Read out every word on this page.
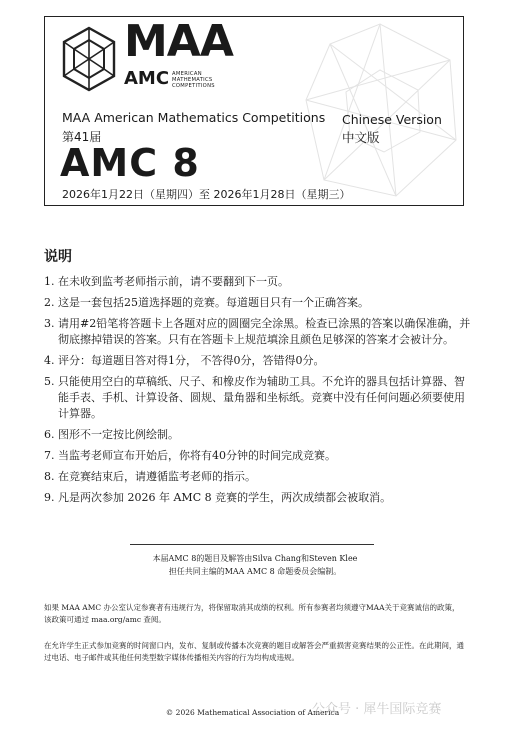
MAA
AMC AMERICAN
MATHEMATICS
COMPETITIONS
MAA American Mathematics Competitions
第41届
Chinese Version
中文版
AMC 8
2026年1月22日（星期四）至 2026年1月28日（星期三）
说明
1. 在未收到监考老师指示前，请不要翻到下一页。
2. 这是一套包括25道选择题的竞赛。每道题目只有一个正确答案。
3. 请用#2铅笔将答题卡上各题对应的圆圈完全涂黑。检查已涂黑的答案以确保准确，并彻底擦掉错误的答案。只有在答题卡上规范填涂且颜色足够深的答案才会被计分。
4. 评分：每道题目答对得1分， 不答得0分，答错得0分。
5. 只能使用空白的草稿纸、尺子、和橡皮作为辅助工具。不允许的器具包括计算器、智能手表、手机、计算设备、圆规、量角器和坐标纸。竞赛中没有任何问题必须要使用计算器。
6. 图形不一定按比例绘制。
7. 当监考老师宣布开始后，你将有40分钟的时间完成竞赛。
8. 在竞赛结束后，请遵循监考老师的指示。
9. 凡是两次参加 2026 年 AMC 8 竞赛的学生，两次成绩都会被取消。
本届AMC 8的题目及解答由Silva Chang和Steven Klee
担任共同主编的MAA AMC 8 命题委员会编制。
如果 MAA AMC 办公室认定参赛者有违规行为，将保留取消其成绩的权利。所有参赛者均须遵守MAA关于竞赛诚信的政策，该政策可通过 maa.org/amc 查阅。
在允许学生正式参加竞赛的时间窗口内，发布、复制或传播本次竞赛的题目或解答会严重损害竞赛结果的公正性。在此期间，通过电话、电子邮件或其他任何类型数字媒体传播相关内容的行为均构成违规。
© 2026 Mathematical Association of America
公众号 · 犀牛国际竞赛
